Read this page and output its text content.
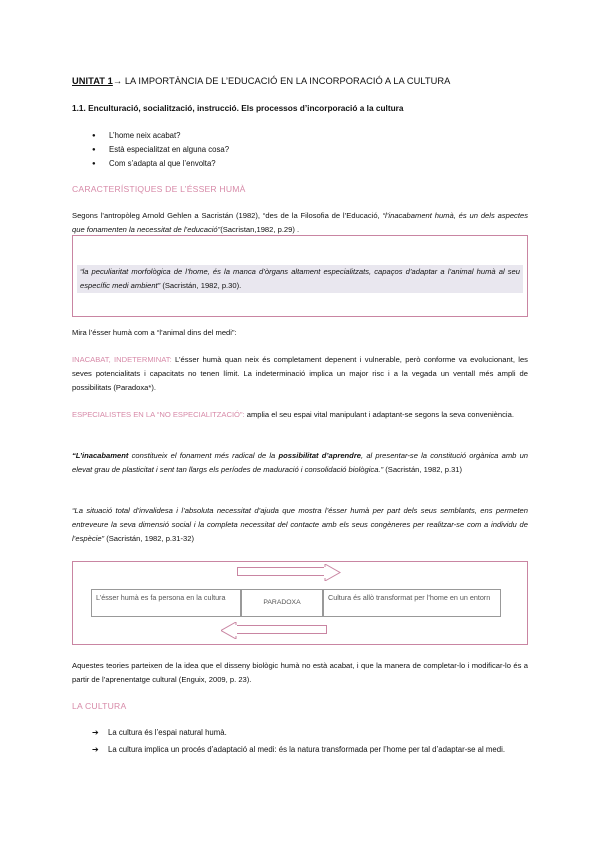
UNITAT 1→ LA IMPORTÀNCIA DE L’EDUCACIÓ EN LA INCORPORACIÓ A LA CULTURA
1.1. Enculturació, socialització, instrucció. Els processos d’incorporació a la cultura
● L’home neix acabat?
● Està especialitzat en alguna cosa?
● Com s’adapta al que l’envolta?
CARACTERÍSTIQUES DE L’ÉSSER HUMÀ
Segons l’antropòleg Arnold Gehlen a Sacristán (1982), “des de la Filosofia de l’Educació, “l’inacabament humà, és un dels aspectes que fonamenten la necessitat de l’educació”(Sacristan,1982, p.29) .
“la peculiaritat morfològica de l’home, és la manca d’òrgans altament especialitzats, capaços d’adaptar a l’animal humà al seu específic medi ambient” (Sacristán, 1982, p.30).
Mira l’ésser humà com a “l’animal dins del medi”:
INACABAT, INDETERMINAT: L’ésser humà quan neix és completament depenent i vulnerable, però conforme va evolucionant, les seves potencialitats i capacitats no tenen límit. La indeterminació implica un major risc i a la vegada un ventall més ampli de possibilitats (Paradoxa*).
ESPECIALISTES EN LA “NO ESPECIALITZACIÓ”: amplia el seu espai vital manipulant i adaptant-se segons la seva conveniència.
“L’inacabament constitueix el fonament més radical de la possibilitat d’aprendre, al presentar-se la constitució orgànica amb un elevat grau de plasticitat i sent tan llargs els períodes de maduració i consolidació biològica.” (Sacristán, 1982, p.31)
“La situació total d’invalidesa i l’absoluta necessitat d’ajuda que mostra l’ésser humà per part dels seus semblants, ens permeten entreveure la seva dimensió social i la completa necessitat del contacte amb els seus congèneres per realitzar-se com a individu de l’espècie” (Sacristán, 1982, p.31-32)
L’ésser humà es fa persona en la cultura
PARADOXA
Cultura és allò transformat per l’home en un entorn
Aquestes teories parteixen de la idea que el disseny biològic humà no està acabat, i que la manera de completar-lo i modificar-lo és a partir de l’aprenentatge cultural (Enguix, 2009, p. 23).
LA CULTURA
➔ La cultura és l’espai natural humà.
➔ La cultura implica un procés d’adaptació al medi: és la natura transformada per l’home per tal d’adaptar-se al medi.
